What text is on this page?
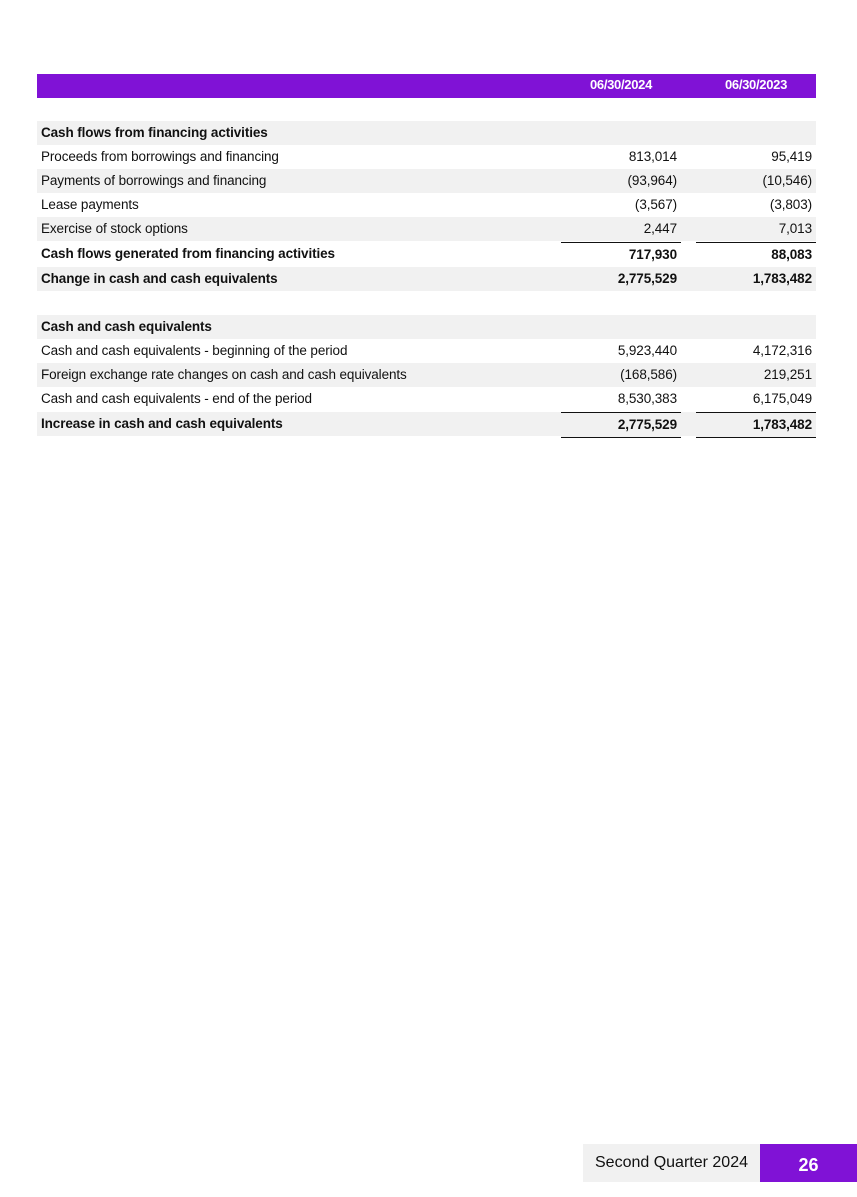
06/30/2024	06/30/2023
Cash flows from financing activities
Proceeds from borrowings and financing	813,014	95,419
Payments of borrowings and financing	(93,964)	(10,546)
Lease payments	(3,567)	(3,803)
Exercise of stock options	2,447	7,013
Cash flows generated from financing activities	717,930	88,083
Change in cash and cash equivalents	2,775,529	1,783,482
Cash and cash equivalents
Cash and cash equivalents - beginning of the period	5,923,440	4,172,316
Foreign exchange rate changes on cash and cash equivalents	(168,586)	219,251
Cash and cash equivalents - end of the period	8,530,383	6,175,049
Increase in cash and cash equivalents	2,775,529	1,783,482
Second Quarter 2024	26
